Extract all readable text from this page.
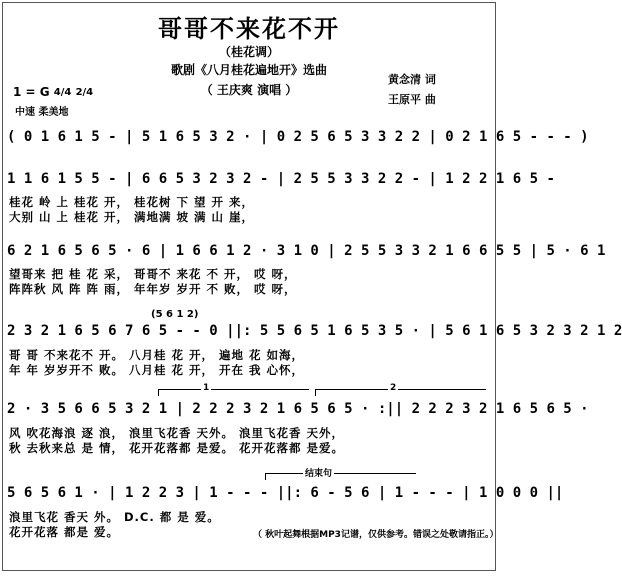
哥哥不来花不开
（桂花调）
歌剧《八月桂花遍地开》选曲
（ 王庆爽 演唱 ）
黄念清 词
王原平 曲
1 = G 4/4 2/4
中速 柔美地
( 0 1 6 1 5 - | 5 1 6 5 3 2 · | 0 2 5 6 5 3 3 2 2 | 0 2 1 6 5 - - - )
1 1 6 1 5 5 - | 6 6 5 3 2 3 2 - | 2 5 5 3 3 2 2 - | 1 2 2 1 6 5 -
桂花 岭 上 桂花 开， 桂花树 下 望 开 来，
大别 山 上 桂花 开， 满地满 坡 满 山 崖，
6 2 1 6 5 6 5 · 6 | 1 6 6 1 2 · 3 1 0 | 2 5 5 3 3 2 1 6 6 5 5 | 5 · 6 1
望哥来 把 桂 花 采， 哥哥不 来花 不 开， 哎 呀，
阵阵秋 风 阵 阵 雨， 年年岁 岁开 不 败， 哎 呀，
(5 6 1 2)
2 3 2 1 6 5 6 7 6 5 - - 0 ||: 5 5 6 5 1 6 5 3 5 · | 5 6 1 6 5 3 2 3 2 1 2
哥 哥 不来花不 开。 八月桂 花 开， 遍地 花 如海，
年 年 岁岁开不 败。 八月桂 花 开， 开在 我 心怀，
1	2
2 · 3 5 6 6 5 3 2 1 | 2 2 2 3 2 1 6 5 6 5 · :|| 2 2 2 3 2 1 6 5 6 5 ·
风 吹花海浪 逐 浪， 浪里飞花香 天外。 浪里飞花香 天外，
秋 去秋来总 是 情， 花开花落都 是爱。 花开花落都 是爱。
结束句
5 6 5 6 1 · | 1 2 2 3 | 1 - - - ||: 6 - 5 6 | 1 - - - | 1 0 0 0 ||
浪里飞花 香天 外。 D.C. 都 是 爱。
花开花落 都是 爱。	（ 秋叶起舞根据MP3记谱，仅供参考。错误之处敬请指正。）
